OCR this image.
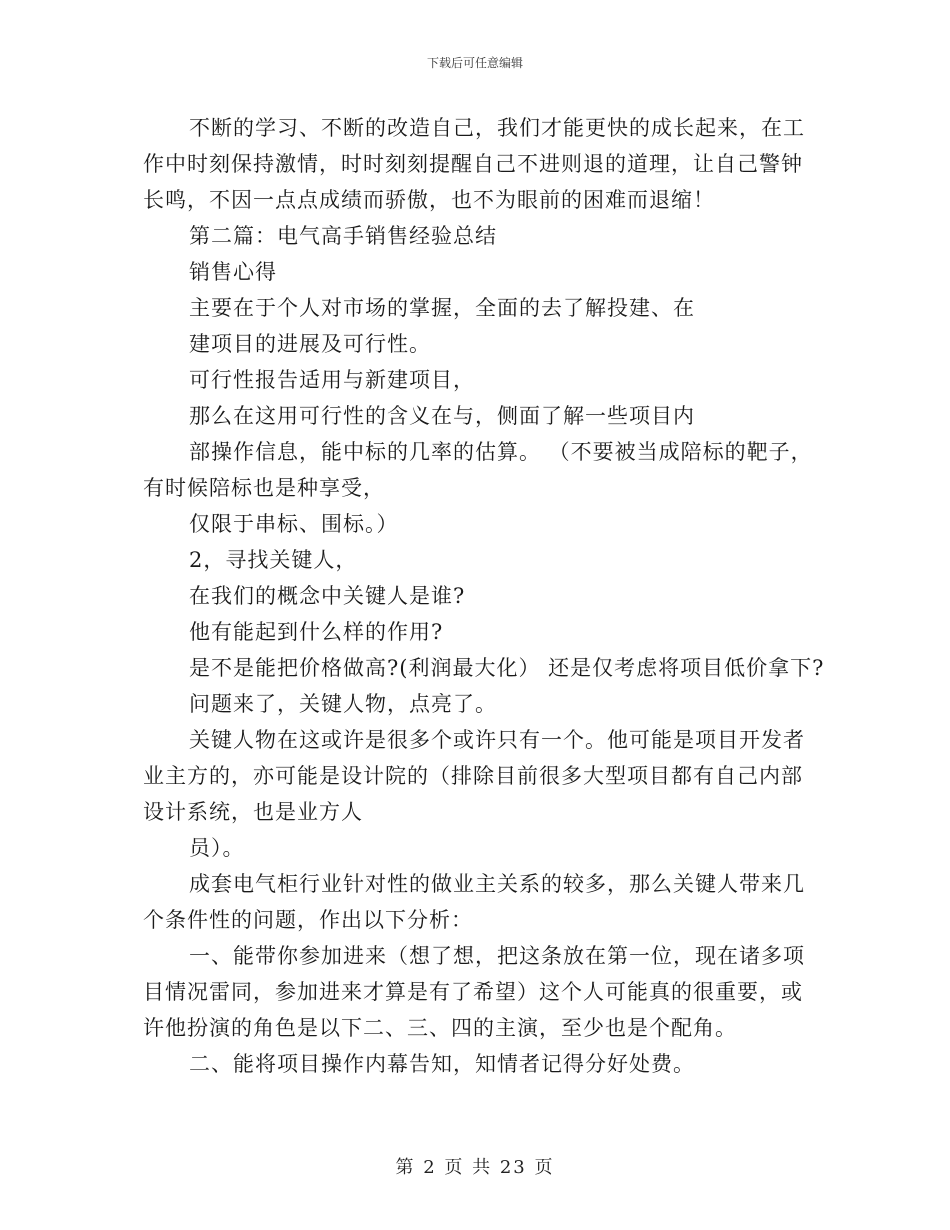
下载后可任意编辑
不断的学习、不断的改造自己，我们才能更快的成长起来，在工
作中时刻保持激情，时时刻刻提醒自己不进则退的道理，让自己警钟
长鸣，不因一点点成绩而骄傲，也不为眼前的困难而退缩！
第二篇：电气高手销售经验总结
销售心得
主要在于个人对市场的掌握，全面的去了解投建、在
建项目的进展及可行性。
可行性报告适用与新建项目，
那么在这用可行性的含义在与，侧面了解一些项目内
部操作信息，能中标的几率的估算。 （不要被当成陪标的靶子，
有时候陪标也是种享受，
仅限于串标、围标。）
2，寻找关键人，
在我们的概念中关键人是谁?
他有能起到什么样的作用?
是不是能把价格做高?(利润最大化） 还是仅考虑将项目低价拿下?
问题来了，关键人物，点亮了。
关键人物在这或许是很多个或许只有一个。他可能是项目开发者
业主方的，亦可能是设计院的（排除目前很多大型项目都有自己内部
设计系统，也是业方人
员）。
成套电气柜行业针对性的做业主关系的较多，那么关键人带来几
个条件性的问题，作出以下分析：
一、能带你参加进来（想了想，把这条放在第一位，现在诸多项
目情况雷同，参加进来才算是有了希望）这个人可能真的很重要，或
许他扮演的角色是以下二、三、四的主演，至少也是个配角。
二、能将项目操作内幕告知，知情者记得分好处费。
第 2 页 共 23 页
